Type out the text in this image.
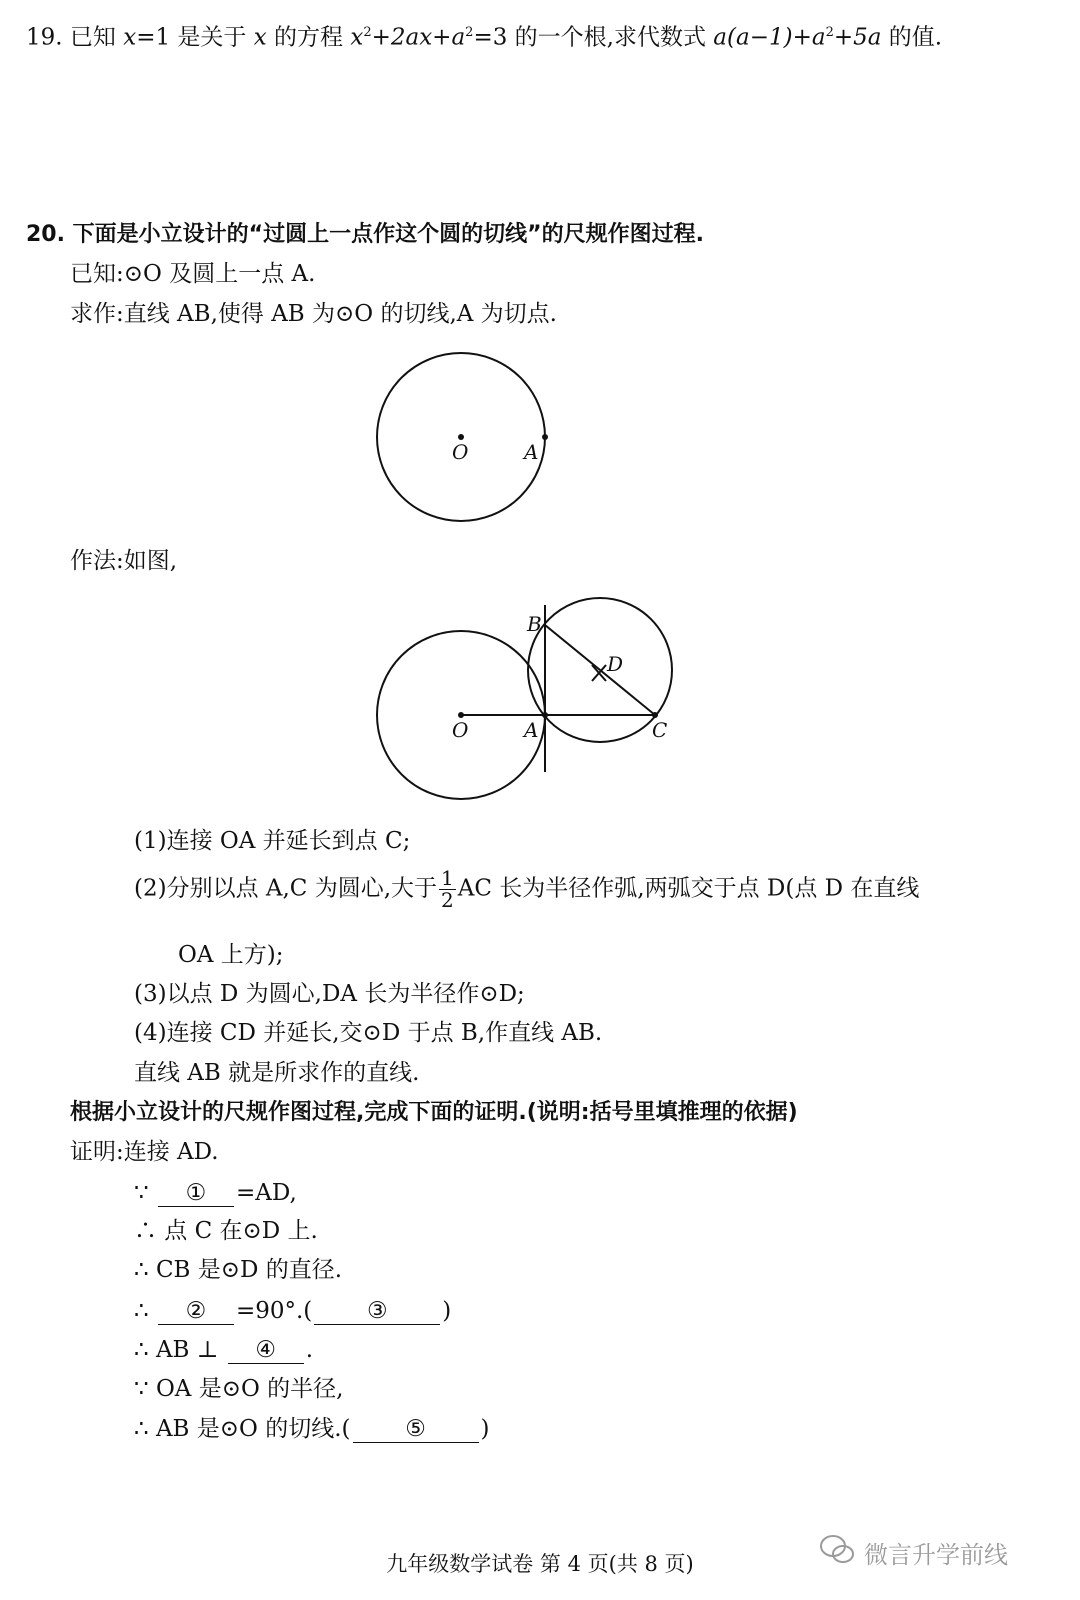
19. 已知 x=1 是关于 x 的方程 $x^2+2ax+a^2=3$ 的一个根,求代数式 $a(a-1)+a^2+5a$ 的值.
20. 下面是小立设计的“过圆上一点作这个圆的切线”的尺规作图过程.
已知:⊙O 及圆上一点 A.
求作:直线 AB,使得 AB 为⊙O 的切线,A 为切点.
作法:如图,
O	A
O	A
B
C
D
(1)连接 OA 并延长到点 C;
(2)分别以点 A,C 为圆心,大于 $\frac{1}{2}$ AC 长为半径作弧,两弧交于点 D(点 D 在直线
OA 上方);
(3)以点 D 为圆心,DA 长为半径作⊙D;
(4)连接 CD 并延长,交⊙D 于点 B,作直线 AB.
直线 AB 就是所求作的直线.
根据小立设计的尺规作图过程,完成下面的证明.(说明:括号里填推理的依据)
证明:连接 AD.
∵ ① =AD,
∴ 点 C 在⊙D 上.
∴ CB 是⊙D 的直径.
∴ ② =90°.( ③ )
∴ AB ⊥ ④ .
∵ OA 是⊙O 的半径,
∴ AB 是⊙O 的切线.( ⑤ )
九年级数学试卷 第 4 页(共 8 页)	微言升学前线
